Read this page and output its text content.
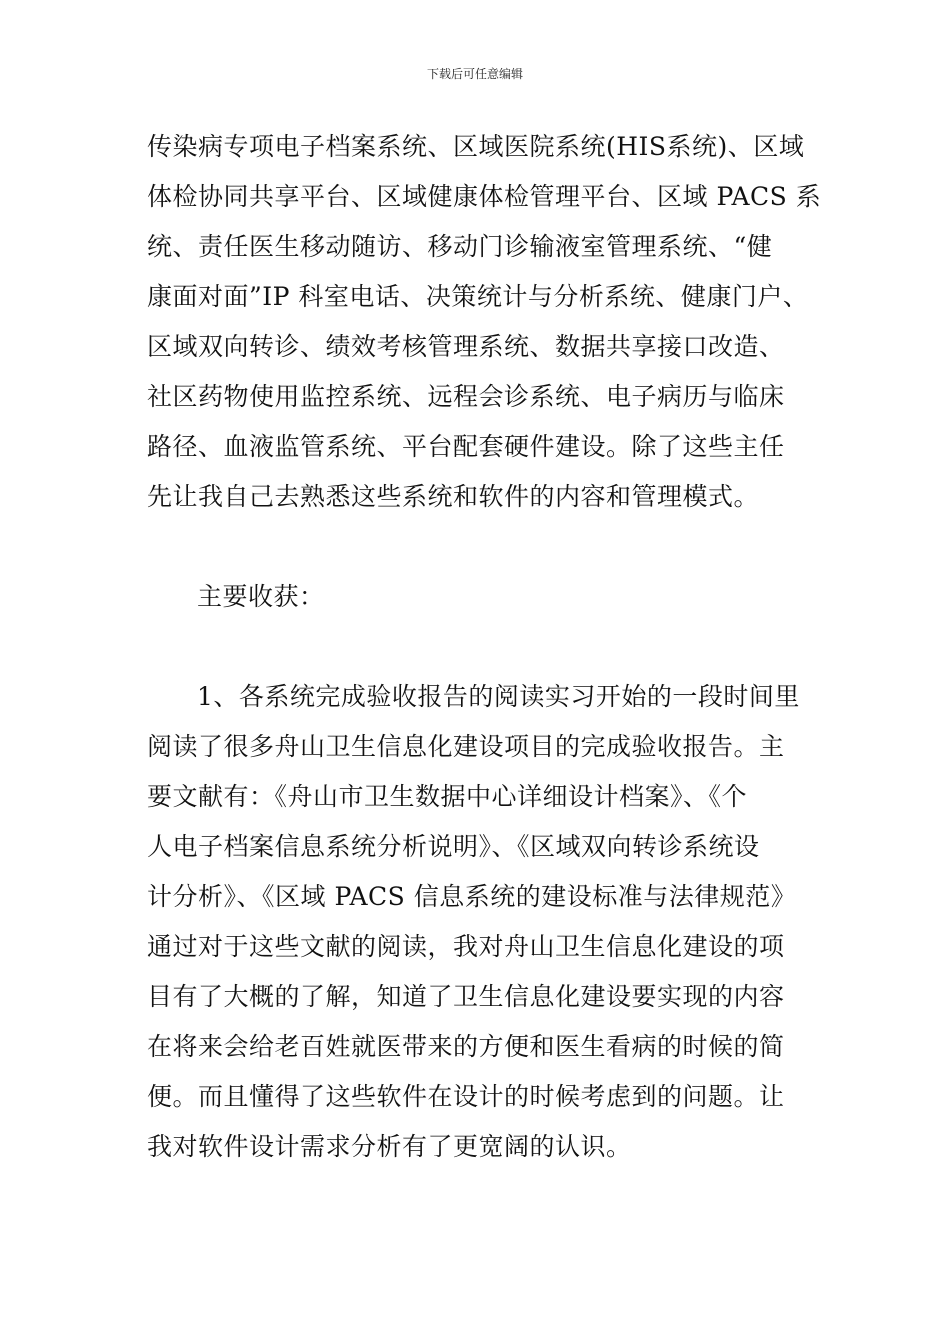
下载后可任意编辑
传染病专项电子档案系统、区域医院系统(HIS系统)、区域
体检协同共享平台、区域健康体检管理平台、区域 PACS 系
统、责任医生移动随访、移动门诊输液室管理系统、“健
康面对面”IP 科室电话、决策统计与分析系统、健康门户、
区域双向转诊、绩效考核管理系统、数据共享接口改造、
社区药物使用监控系统、远程会诊系统、电子病历与临床
路径、血液监管系统、平台配套硬件建设。除了这些主任
先让我自己去熟悉这些系统和软件的内容和管理模式。
主要收获：
1、各系统完成验收报告的阅读实习开始的一段时间里
阅读了很多舟山卫生信息化建设项目的完成验收报告。主
要文献有：《舟山市卫生数据中心详细设计档案》、《个
人电子档案信息系统分析说明》、《区域双向转诊系统设
计分析》、《区域 PACS 信息系统的建设标准与法律规范》
通过对于这些文献的阅读，我对舟山卫生信息化建设的项
目有了大概的了解，知道了卫生信息化建设要实现的内容
在将来会给老百姓就医带来的方便和医生看病的时候的简
便。而且懂得了这些软件在设计的时候考虑到的问题。让
我对软件设计需求分析有了更宽阔的认识。
